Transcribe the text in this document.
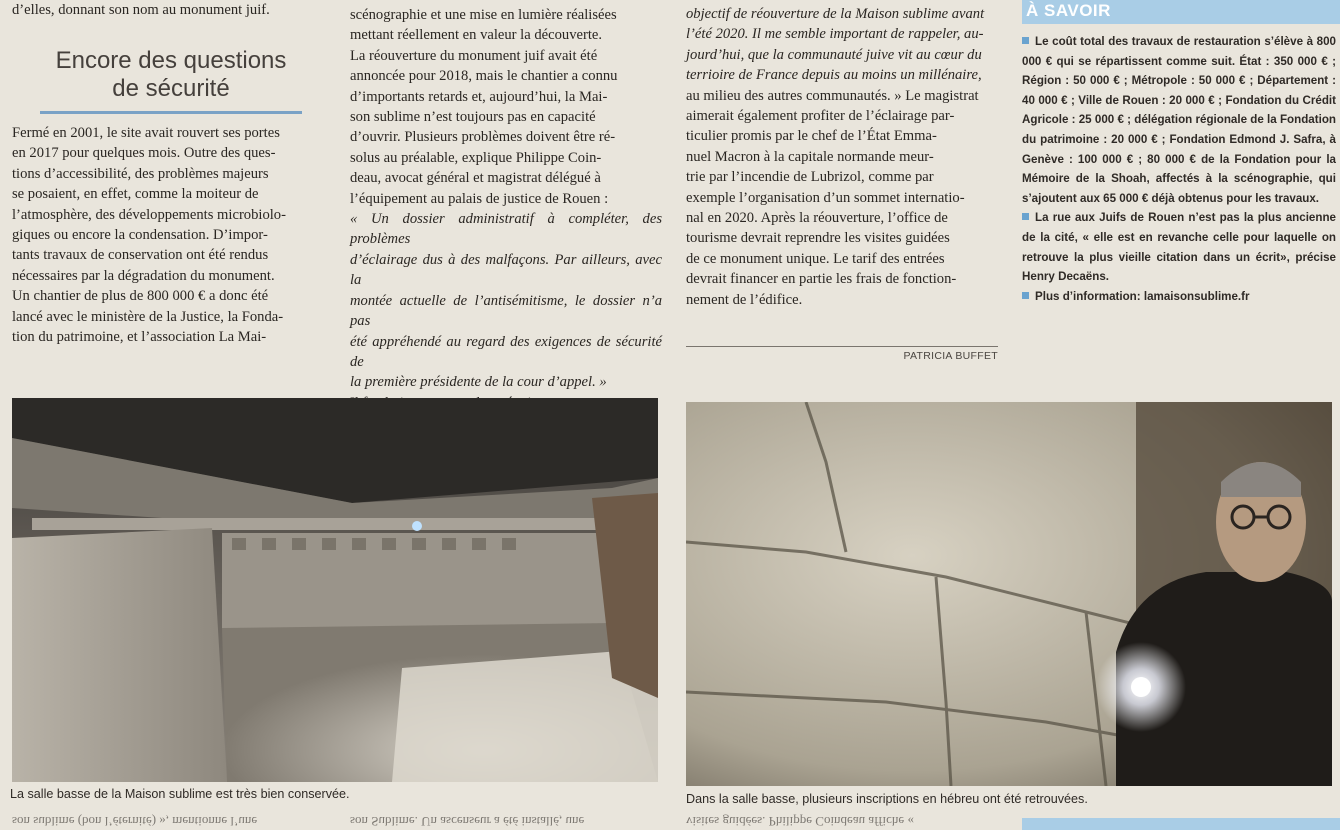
d’elles, donnant son nom au monument juif.

Encore des questions
de sécurité

Fermé en 2001, le site avait rouvert ses portes

en 2017 pour quelques mois. Outre des ques-

tions d’accessibilité, des problèmes majeurs

se posaient, en effet, comme la moiteur de

l’atmosphère, des développements microbiolo-

giques ou encore la condensation. D’impor-

tants travaux de conservation ont été rendus

nécessaires par la dégradation du monument.

Un chantier de plus de 800 000 € a donc été

lancé avec le ministère de la Justice, la Fonda-

tion du patrimoine, et l’association La Mai-

scénographie et une mise en lumière réalisées

mettant réellement en valeur la découverte.

La réouverture du monument juif avait été

annoncée pour 2018, mais le chantier a connu

d’importants retards et, aujourd’hui, la Mai-

son sublime n’est toujours pas en capacité

d’ouvrir. Plusieurs problèmes doivent être ré-

solus au préalable, explique Philippe Coin-

deau, avocat général et magistrat délégué à

l’équipement au palais de justice de Rouen :

« Un dossier administratif à compléter, des problèmes

d’éclairage dus à des malfaçons. Par ailleurs, avec la

montée actuelle de l’antisémitisme, le dossier n’a pas

été appréhendé au regard des exigences de sécurité de

la première présidente de la cour d’appel. »

objectif de réouverture de la Maison sublime avant

l’été 2020. Il me semble important de rappeler, au-

jourd’hui, que la communauté juive vit au cœur du

terrioire de France depuis au moins un millénaire,

au milieu des autres communautés. » Le magistrat

aimerait également profiter de l’éclairage par-

ticulier promis par le chef de l’État Emma-

nuel Macron à la capitale normande meur-

trie par l’incendie de Lubrizol, comme par

exemple l’organisation d’un sommet internatio-

nal en 2020. Après la réouverture, l’office de

tourisme devrait reprendre les visites guidées

de ce monument unique. Le tarif des entrées

devrait financer en partie les frais de fonction-

nement de l’édifice.

PATRICIA BUFFET
À SAVOIR

Le coût total des travaux de restauration s’élève à 800 000 € qui se répartissent comme suit. État : 350 000 € ; Région : 50 000 € ; Métropole : 50 000 € ; Département : 40 000 € ; Ville de Rouen : 20 000 € ; Fondation du Crédit Agricole : 25 000 € ; délégation régionale de la Fondation du patrimoine : 20 000 € ; Fondation Edmond J. Safra, à Genève : 100 000 € ; 80 000 € de la Fondation pour la Mémoire de la Shoah, affectés à la scénographie, qui s’ajoutent aux 65 000 € déjà obtenus pour les travaux.

La rue aux Juifs de Rouen n’est pas la plus ancienne de la cité, « elle est en revanche celle pour laquelle on retrouve la plus vieille citation dans un écrit», précise Henry Decaëns.

Plus d’information: lamaisonsublime.fr

La salle basse de la Maison sublime est très bien conservée.	Dans la salle basse, plusieurs inscriptions en hébreu ont été retrouvées.
son sublime (bon l’éternité) », mentionne l’une	son Sublime. Un ascenseur a été installé, une	visites guidées. Philippe Coindeau affiche «
